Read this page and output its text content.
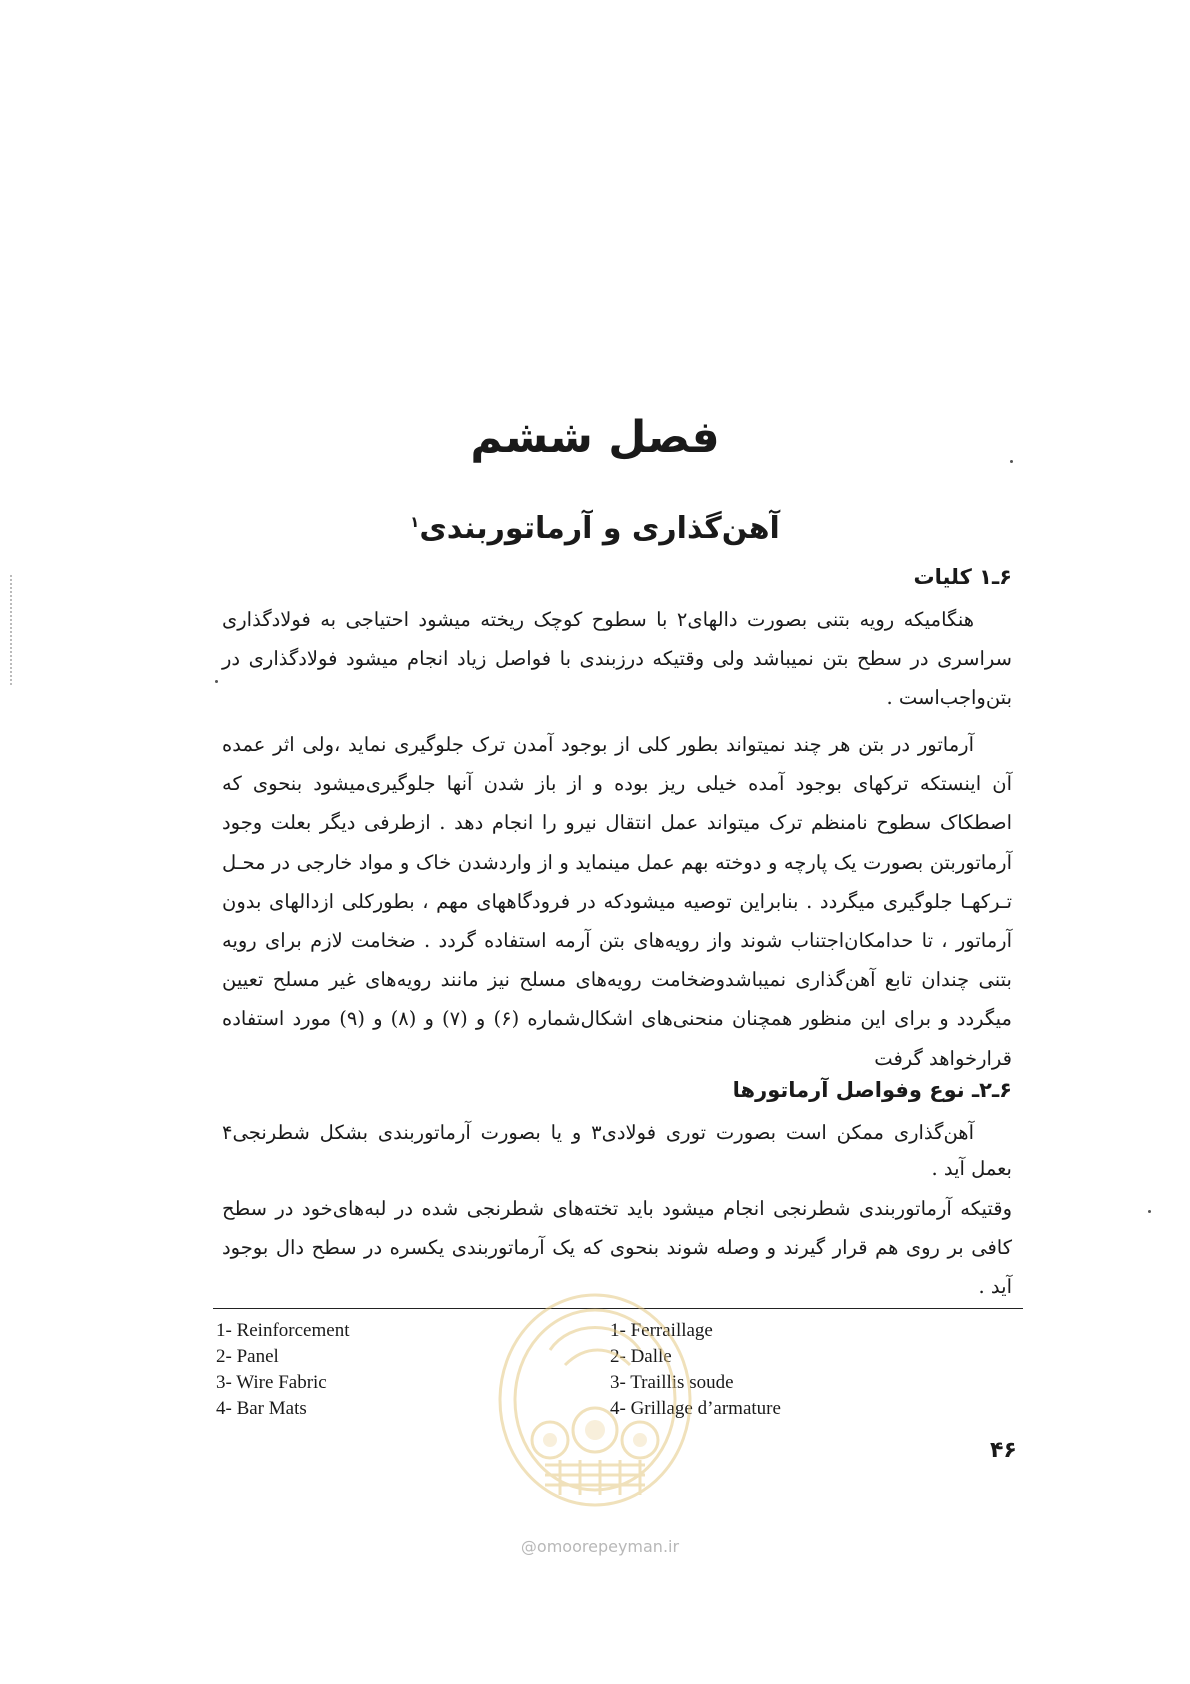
فصل ششم
آهن‌گذاری و آرماتوربندی$^۱$
۶ـ۱ کلیات
هنگامیکه رویه بتنی بصورت دالهای۲ با سطوح کوچک ریخته میشود احتیاجی به فولادگذاری سراسری در سطح بتن نمیباشد ولی وقتیکه درزبندی با فواصل زیاد انجام میشود فولادگذاری در بتن‌واجب‌است .
آرماتور در بتن هر چند نمیتواند بطور کلی از بوجود آمدن ترک جلوگیری نماید ،ولی اثر عمده آن اینستکه ترکهای بوجود آمده خیلی ریز بوده و از باز شدن آنها جلوگیری‌میشود بنحوی که اصطکاک سطوح نامنظم ترک میتواند عمل انتقال نیرو را انجام دهد . ازطرفی دیگر بعلت وجود آرماتوربتن بصورت یک پارچه و دوخته بهم عمل مینماید و از واردشدن خاک و مواد خارجی در محـل تـرکهـا جلوگیری میگردد . بنابراین توصیه میشودکه در فرودگاههای مهم ، بطورکلی ازدالهای بدون آرماتور ، تا حدامکان‌اجتناب شوند واز رویه‌های بتن آرمه استفاده گردد . ضخامت لازم برای رویه بتنی چندان تابع آهن‌گذاری نمیباشدوضخامت رویه‌های مسلح نیز مانند رویه‌های غیر مسلح تعیین میگردد و برای این منظور همچنان منحنی‌های اشکال‌شماره (۶) و (۷) و (۸) و (۹) مورد استفاده قرارخواهد گرفت
۶ـ۲ـ نوع وفواصل آرماتورها
آهن‌گذاری ممکن است بصورت توری فولادی۳ و یا بصورت آرماتوربندی بشکل شطرنجی۴ بعمل آید .
وقتیکه آرماتوربندی شطرنجی انجام میشود باید تخته‌های شطرنجی شده در لبه‌های‌خود در سطح کافی بر روی هم قرار گیرند و وصله شوند بنحوی که یک آرماتوربندی یکسره در سطح دال بوجود آید .
1- Reinforcement
2- Panel
3- Wire Fabric
4- Bar Mats
1- Ferraillage
2- Dalle
3- Traillis soude
4- Grillage d’armature
۴۶
@omoorepeyman.ir
